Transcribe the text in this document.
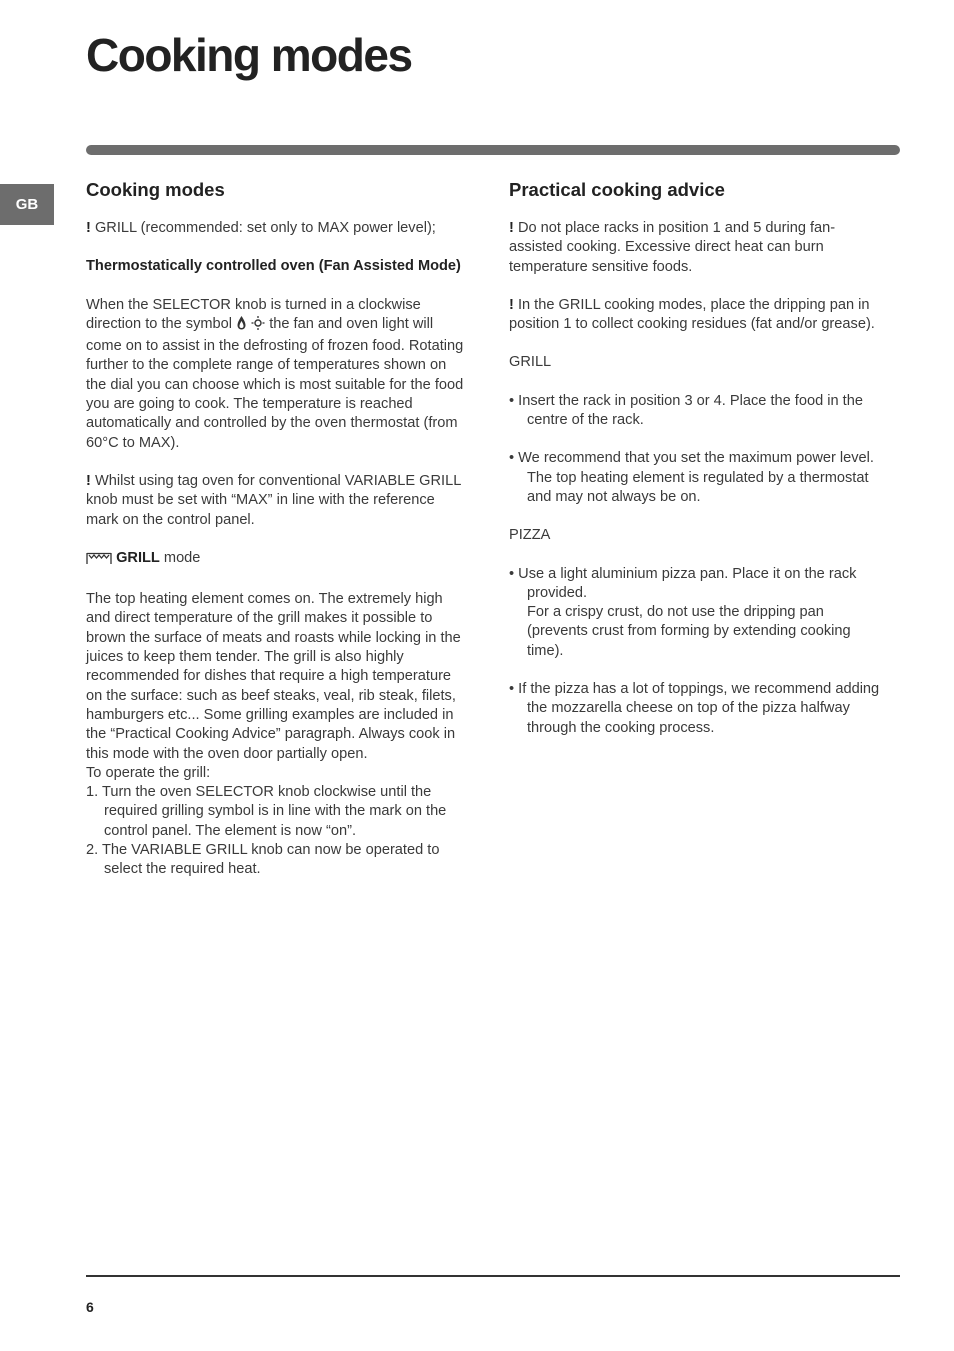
Cooking modes
GB
Cooking modes

! GRILL (recommended: set only to MAX power level);

Thermostatically controlled oven (Fan Assisted Mode)

When the SELECTOR knob is turned in a clockwise direction to the symbol	the fan and oven light will come on to assist in the defrosting of frozen food. Rotating further to the complete range of temperatures shown on the dial you can choose which is most suitable for the food you are going to cook. The temperature is reached automatically and controlled by the oven thermostat (from 60°C to MAX).

! Whilst using tag oven for conventional VARIABLE GRILL knob must be set with “MAX” in line with the reference mark on the control panel.

GRILL mode

The top heating element comes on. The extremely high and direct temperature of the grill makes it possible to brown the surface of meats and roasts while locking in the juices to keep them tender. The grill is also highly recommended for dishes that require a high temperature on the surface: such as beef steaks, veal, rib steak, filets, hamburgers etc... Some grilling examples are included in the “Practical Cooking Advice” paragraph. Always cook in this mode with the oven door partially open.
To operate the grill:
1. Turn the oven SELECTOR knob clockwise until the required grilling symbol is in line with the mark on the control panel. The element is now “on”.
2. The VARIABLE GRILL knob can now be operated to select the required heat.
Practical cooking advice

! Do not place racks in position 1 and 5 during fan-assisted cooking. Excessive direct heat can burn temperature sensitive foods.

! In the GRILL cooking modes, place the dripping pan in position 1 to collect cooking residues (fat and/or grease).

GRILL

• Insert the rack in position 3 or 4. Place the food in the centre of the rack.
• We recommend that you set the maximum power level. The top heating element is regulated by a thermostat and may not always be on.

PIZZA

• Use a light aluminium pizza pan. Place it on the rack provided.
For a crispy crust, do not use the dripping pan (prevents crust from forming by extending cooking time).
• If the pizza has a lot of toppings, we recommend adding the mozzarella cheese on top of the pizza halfway through the cooking process.
6
